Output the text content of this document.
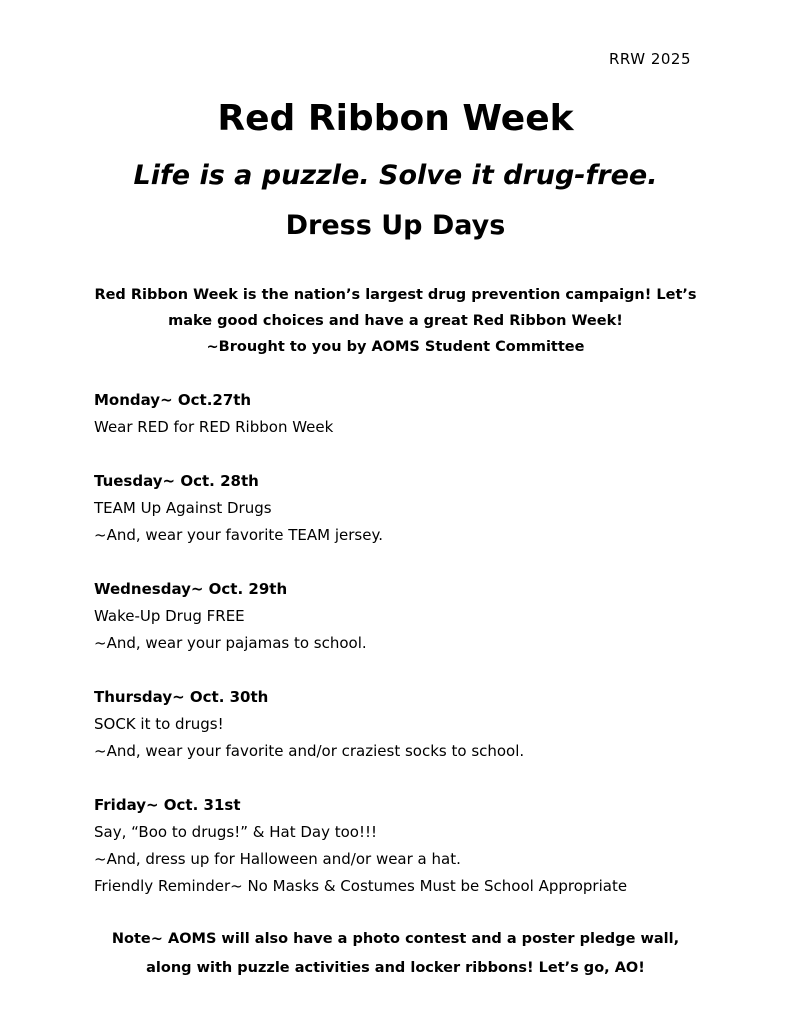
RRW 2025
Red Ribbon Week
Life is a puzzle. Solve it drug-free.
Dress Up Days

Red Ribbon Week is the nation’s largest drug prevention campaign! Let’s

make good choices and have a great Red Ribbon Week!

~Brought to you by AOMS Student Committee

Monday~ Oct.27th

Wear RED for RED Ribbon Week

Tuesday~ Oct. 28th

TEAM Up Against Drugs

~And, wear your favorite TEAM jersey.

Wednesday~ Oct. 29th

Wake-Up Drug FREE

~And, wear your pajamas to school.

Thursday~ Oct. 30th

SOCK it to drugs!

~And, wear your favorite and/or craziest socks to school.

Friday~ Oct. 31st

Say, “Boo to drugs!” & Hat Day too!!!

~And, dress up for Halloween and/or wear a hat.

Friendly Reminder~ No Masks & Costumes Must be School Appropriate

Note~ AOMS will also have a photo contest and a poster pledge wall,

along with puzzle activities and locker ribbons! Let’s go, AO!
